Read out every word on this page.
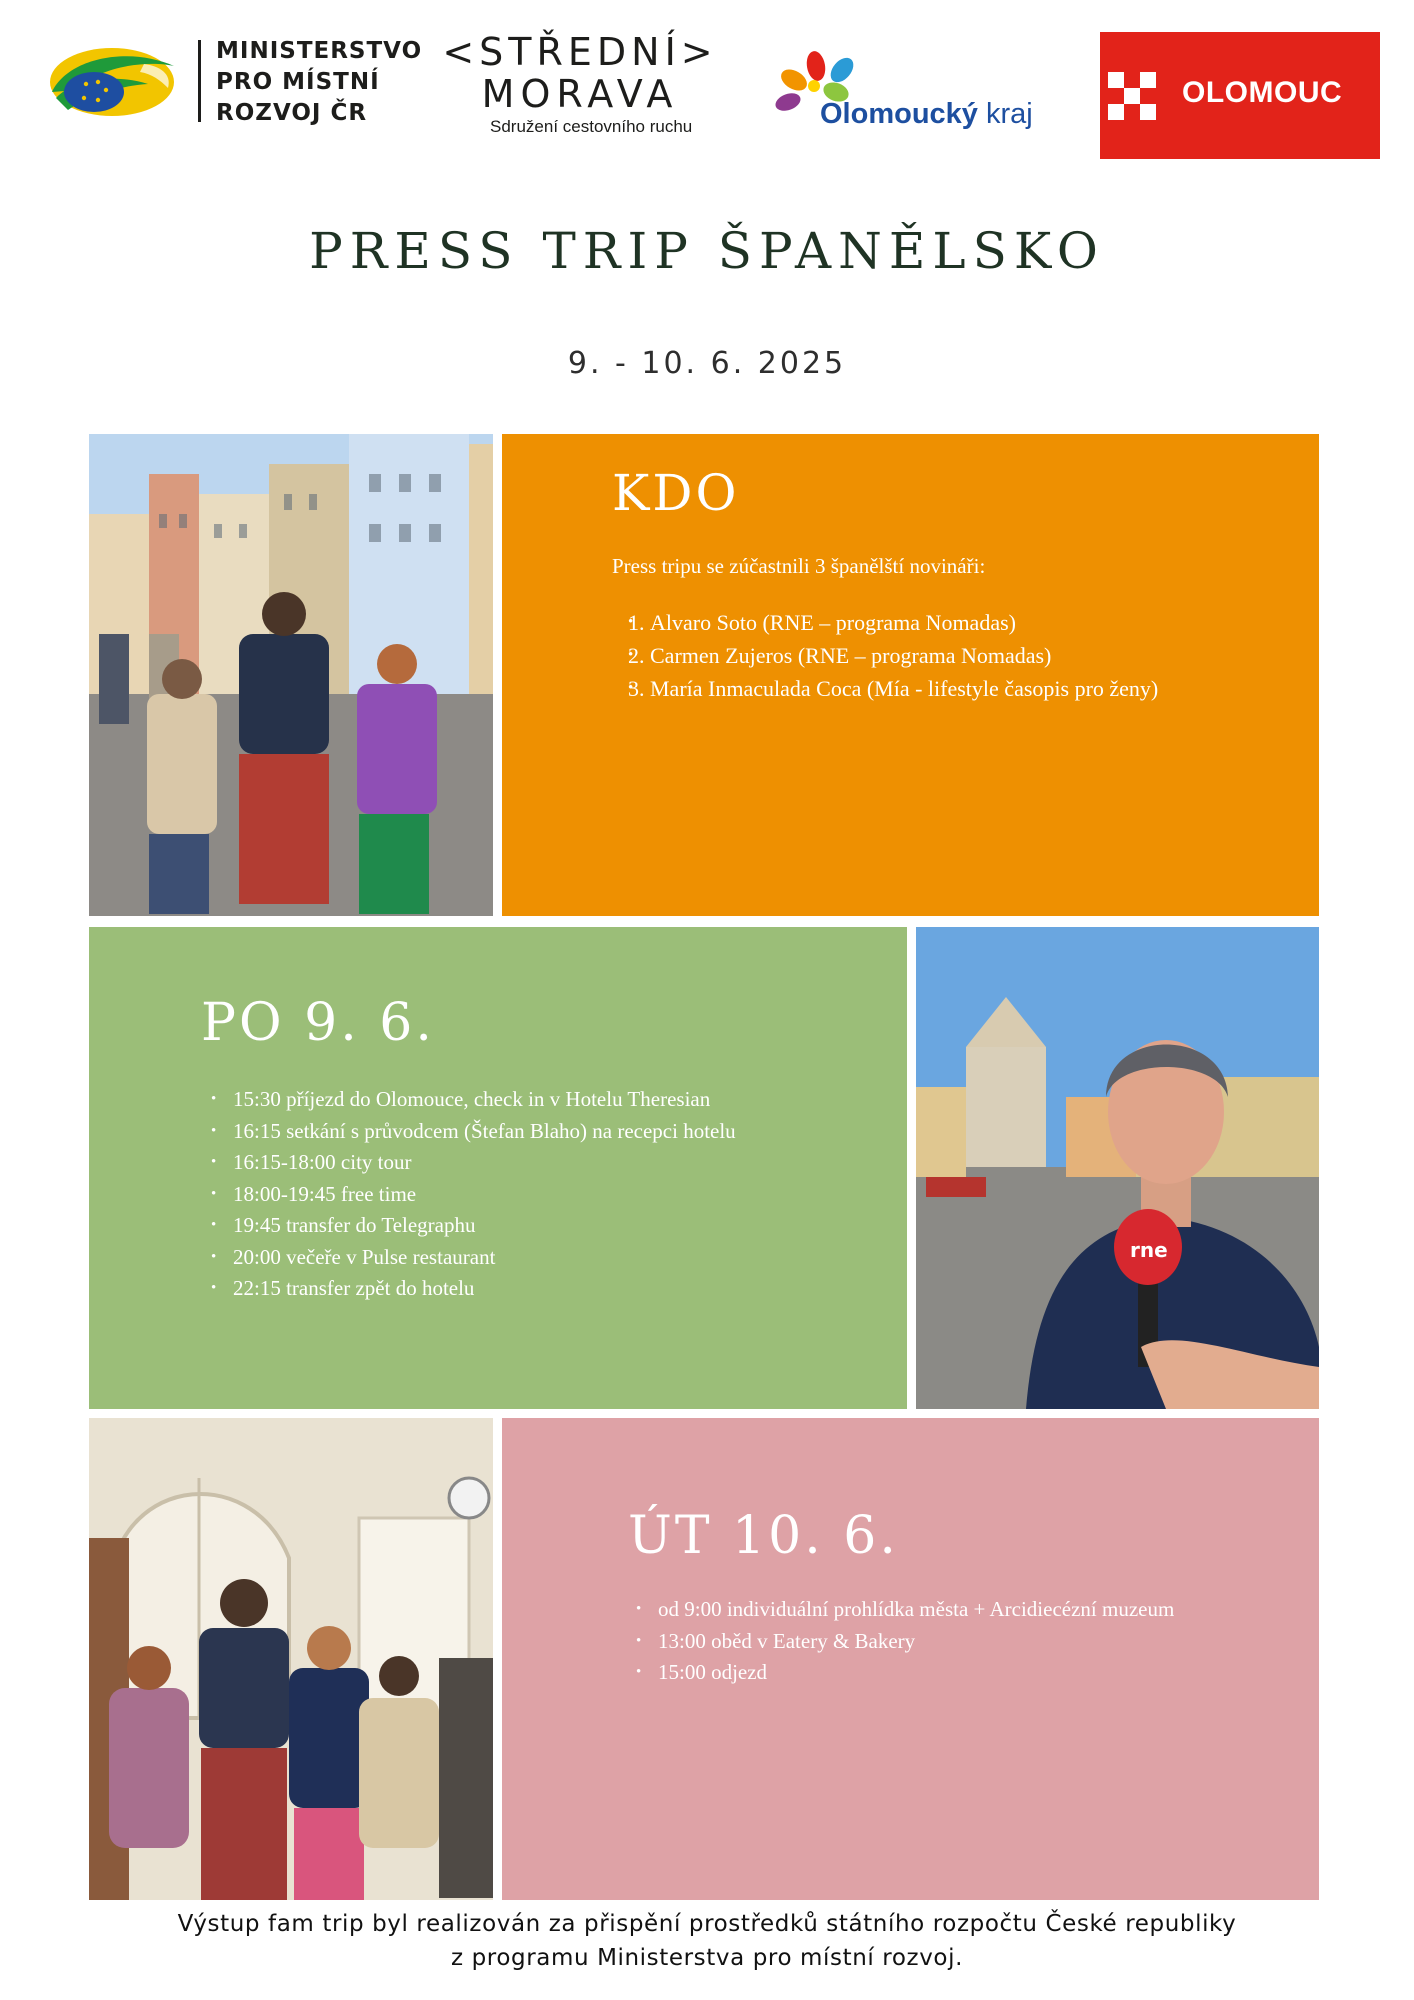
MINISTERSTVO
PRO MÍSTNÍ
ROZVOJ ČR
<STŘEDNÍ>
MORAVA
Sdružení cestovního ruchu	Olomoucký kraj
OLOMOUC
PRESS TRIP ŠPANĚLSKO
9. - 10. 6. 2025
KDO
Press tripu se zúčastnili 3 španělští novináři:
• 1. Alvaro Soto (RNE – programa Nomadas)
• 2. Carmen Zujeros (RNE – programa Nomadas)
• 3. María Inmaculada Coca (Mía - lifestyle časopis pro ženy)
PO 9. 6.
• 15:30 příjezd do Olomouce, check in v Hotelu Theresian
• 16:15 setkání s průvodcem (Štefan Blaho) na recepci hotelu
• 16:15-18:00 city tour
• 18:00-19:45 free time
• 19:45 transfer do Telegraphu
• 20:00 večeře v Pulse restaurant
• 22:15 transfer zpět do hotelu
rne
ÚT 10. 6.
• od 9:00 individuální prohlídka města + Arcidiecézní muzeum
• 13:00 oběd v Eatery & Bakery
• 15:00 odjezd
Výstup fam trip byl realizován za přispění prostředků státního rozpočtu České republiky
z programu Ministerstva pro místní rozvoj.
